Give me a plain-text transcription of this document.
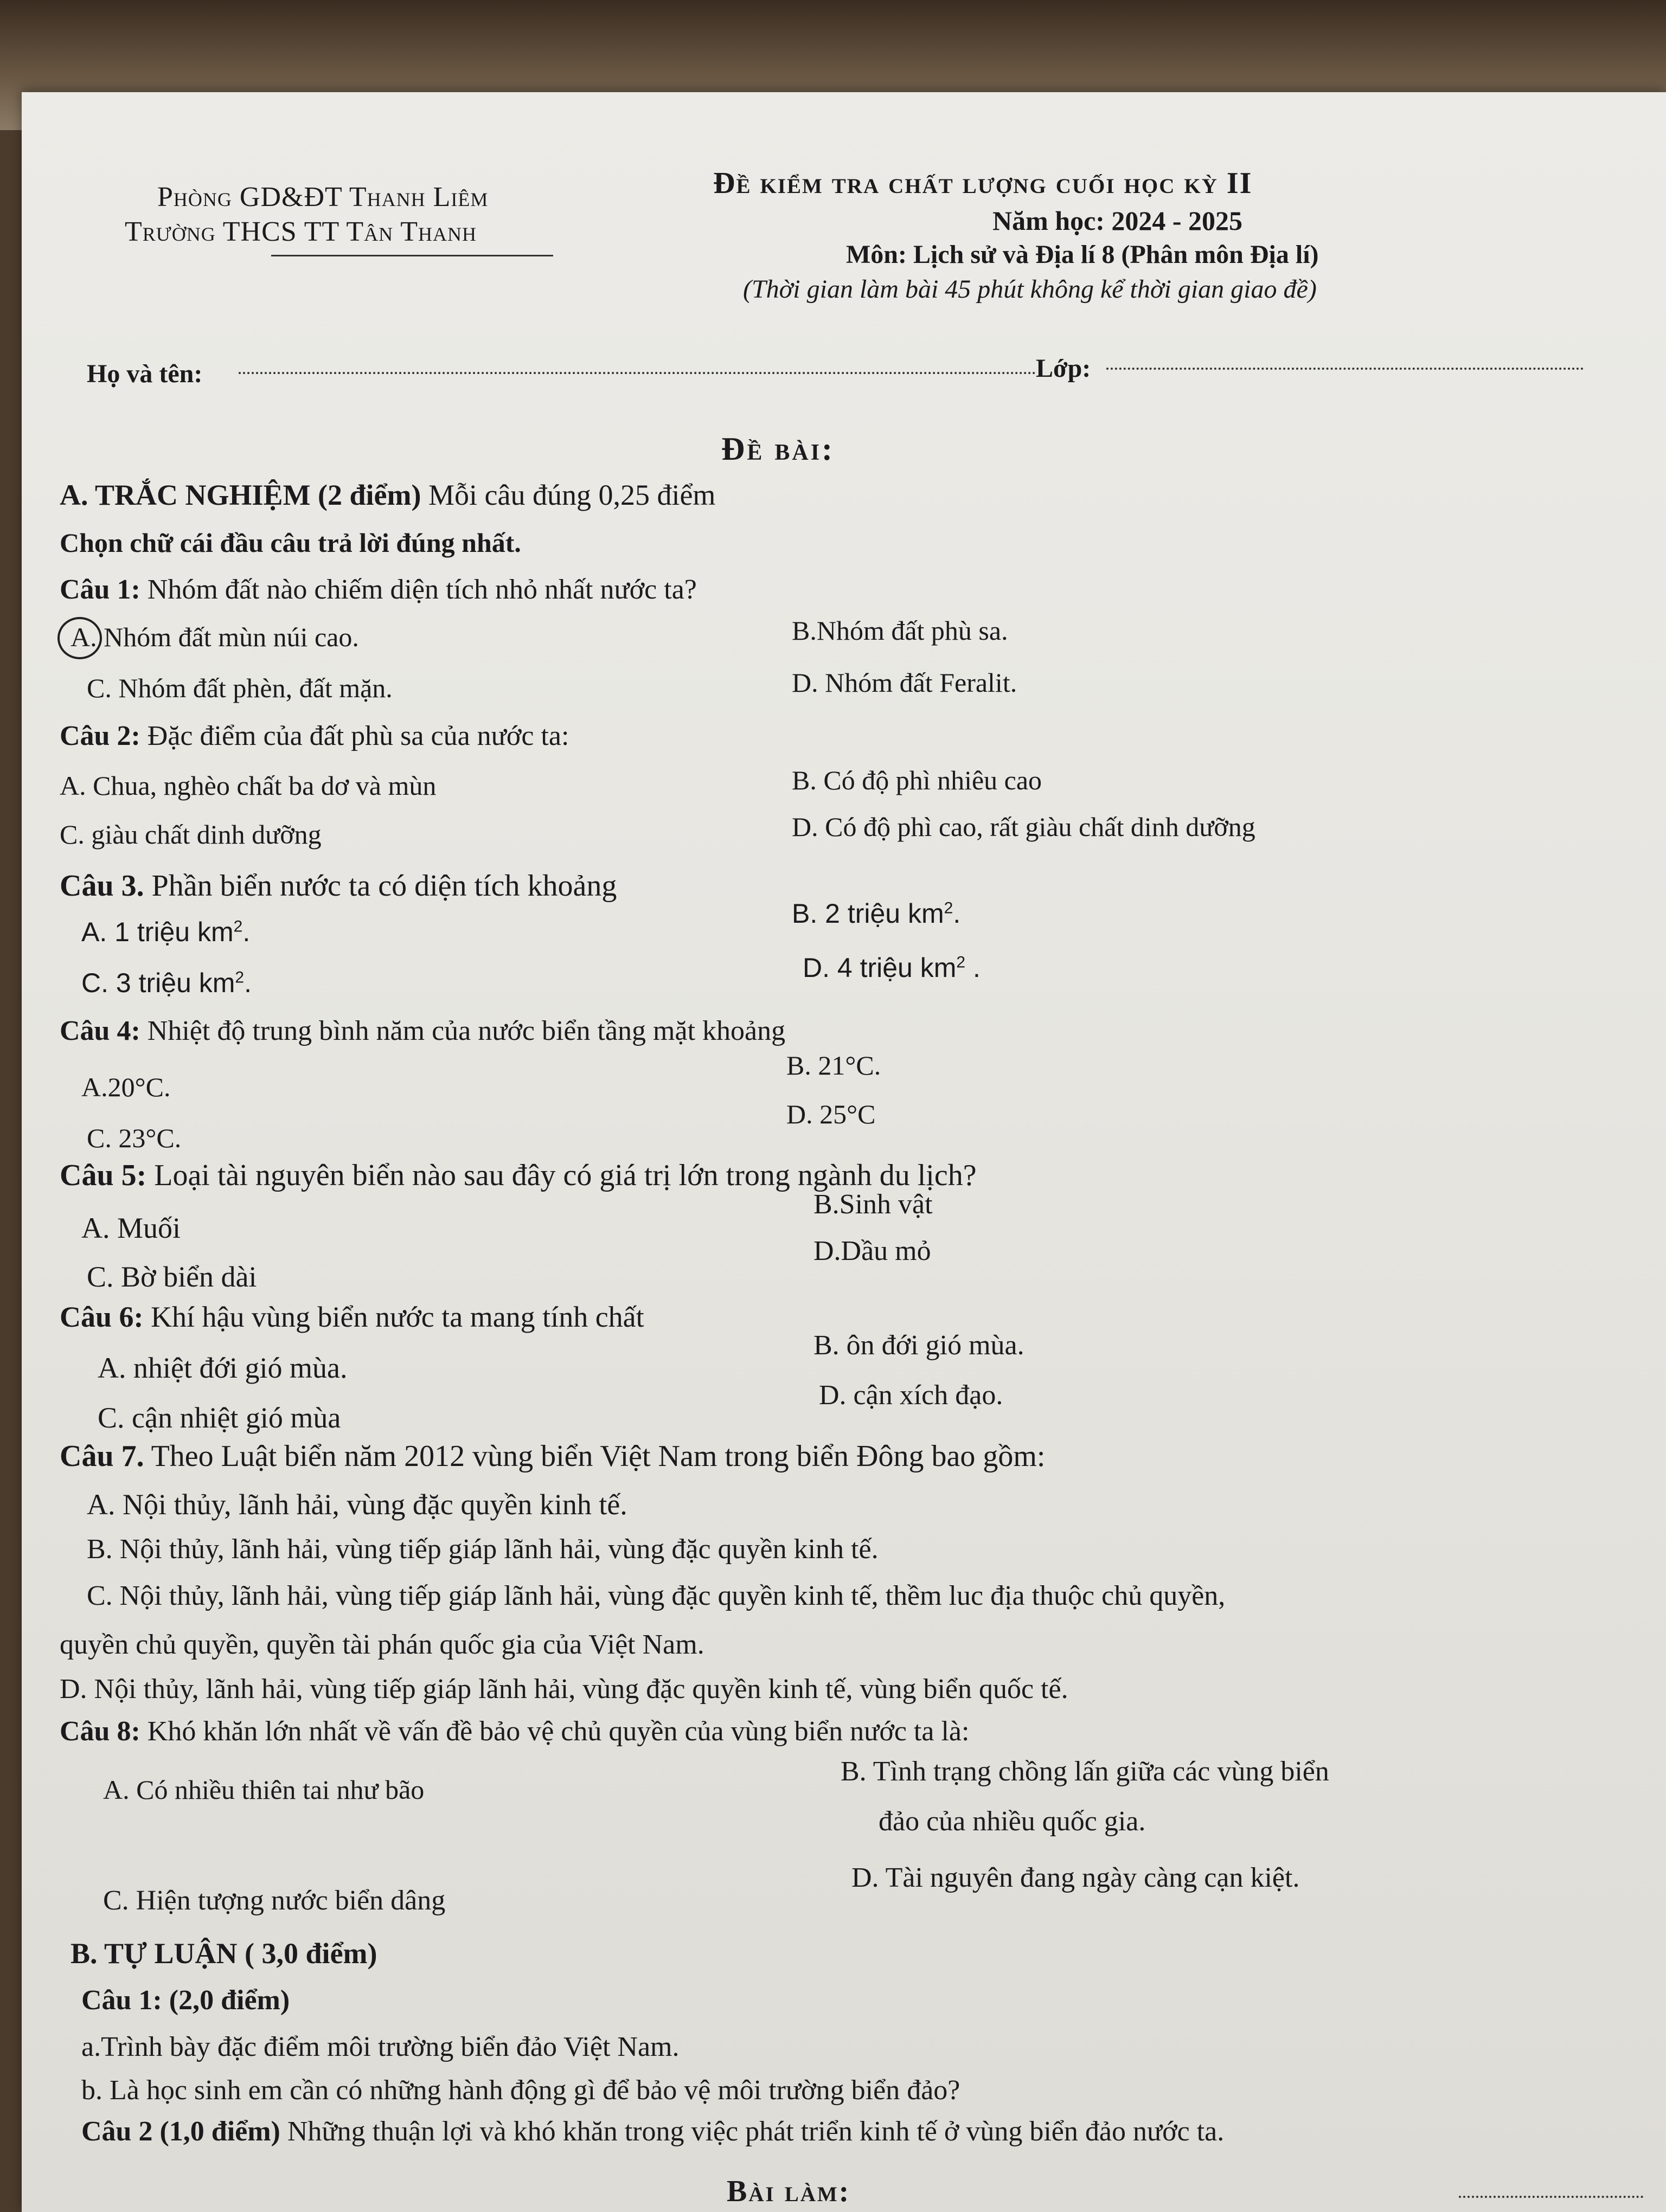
Phòng GD&ĐT Thanh Liêm
Trường THCS TT Tân Thanh
Đề kiểm tra chất lượng cuối học kỳ II
Năm học: 2024 - 2025
Môn: Lịch sử và Địa lí 8 (Phân môn Địa lí)
(Thời gian làm bài 45 phút không kể thời gian giao đề)
Họ và tên:	Lớp:
Đề bài:
A. TRẮC NGHIỆM (2 điểm) Mỗi câu đúng 0,25 điểm
Chọn chữ cái đầu câu trả lời đúng nhất.
Câu 1: Nhóm đất nào chiếm diện tích nhỏ nhất nước ta?
A. Nhóm đất mùn núi cao.	B.Nhóm đất phù sa.
C. Nhóm đất phèn, đất mặn.	D. Nhóm đất Feralit.
Câu 2: Đặc điểm của đất phù sa của nước ta:
A. Chua, nghèo chất ba dơ và mùn	B. Có độ phì nhiêu cao
C. giàu chất dinh dưỡng	D. Có độ phì cao, rất giàu chất dinh dưỡng
Câu 3. Phần biển nước ta có diện tích khoảng
A. 1 triệu $km^2$.
B. 2 triệu $km^2$.
C. 3 triệu $km^2$.	D. 4 triệu $km^2$ .
Câu 4: Nhiệt độ trung bình năm của nước biển tầng mặt khoảng
A.20°C.
B. 21°C.
C. 23°C.
D. 25°C
Câu 5: Loại tài nguyên biển nào sau đây có giá trị lớn trong ngành du lịch?
A. Muối
B.Sinh vật
C. Bờ biển dài
D.Dầu mỏ
Câu 6: Khí hậu vùng biển nước ta mang tính chất
A. nhiệt đới gió mùa.
B. ôn đới gió mùa.
C. cận nhiệt gió mùa
D. cận xích đạo.
Câu 7. Theo Luật biển năm 2012 vùng biển Việt Nam trong biển Đông bao gồm:
A. Nội thủy, lãnh hải, vùng đặc quyền kinh tế.
B. Nội thủy, lãnh hải, vùng tiếp giáp lãnh hải, vùng đặc quyền kinh tế.
C. Nội thủy, lãnh hải, vùng tiếp giáp lãnh hải, vùng đặc quyền kinh tế, thềm luc địa thuộc chủ quyền,
quyền chủ quyền, quyền tài phán quốc gia của Việt Nam.
D. Nội thủy, lãnh hải, vùng tiếp giáp lãnh hải, vùng đặc quyền kinh tế, vùng biển quốc tế.
Câu 8: Khó khăn lớn nhất về vấn đề bảo vệ chủ quyền của vùng biển nước ta là:
A. Có nhiều thiên tai như bão
B. Tình trạng chồng lấn giữa các vùng biển
đảo của nhiều quốc gia.
C. Hiện tượng nước biển dâng
D. Tài nguyên đang ngày càng cạn kiệt.
B. TỰ LUẬN ( 3,0 điểm)
Câu 1: (2,0 điểm)
a.Trình bày đặc điểm môi trường biển đảo Việt Nam.
b. Là học sinh em cần có những hành động gì để bảo vệ môi trường biển đảo?
Câu 2 (1,0 điểm) Những thuận lợi và khó khăn trong việc phát triển kinh tế ở vùng biển đảo nước ta.
Bài làm:
